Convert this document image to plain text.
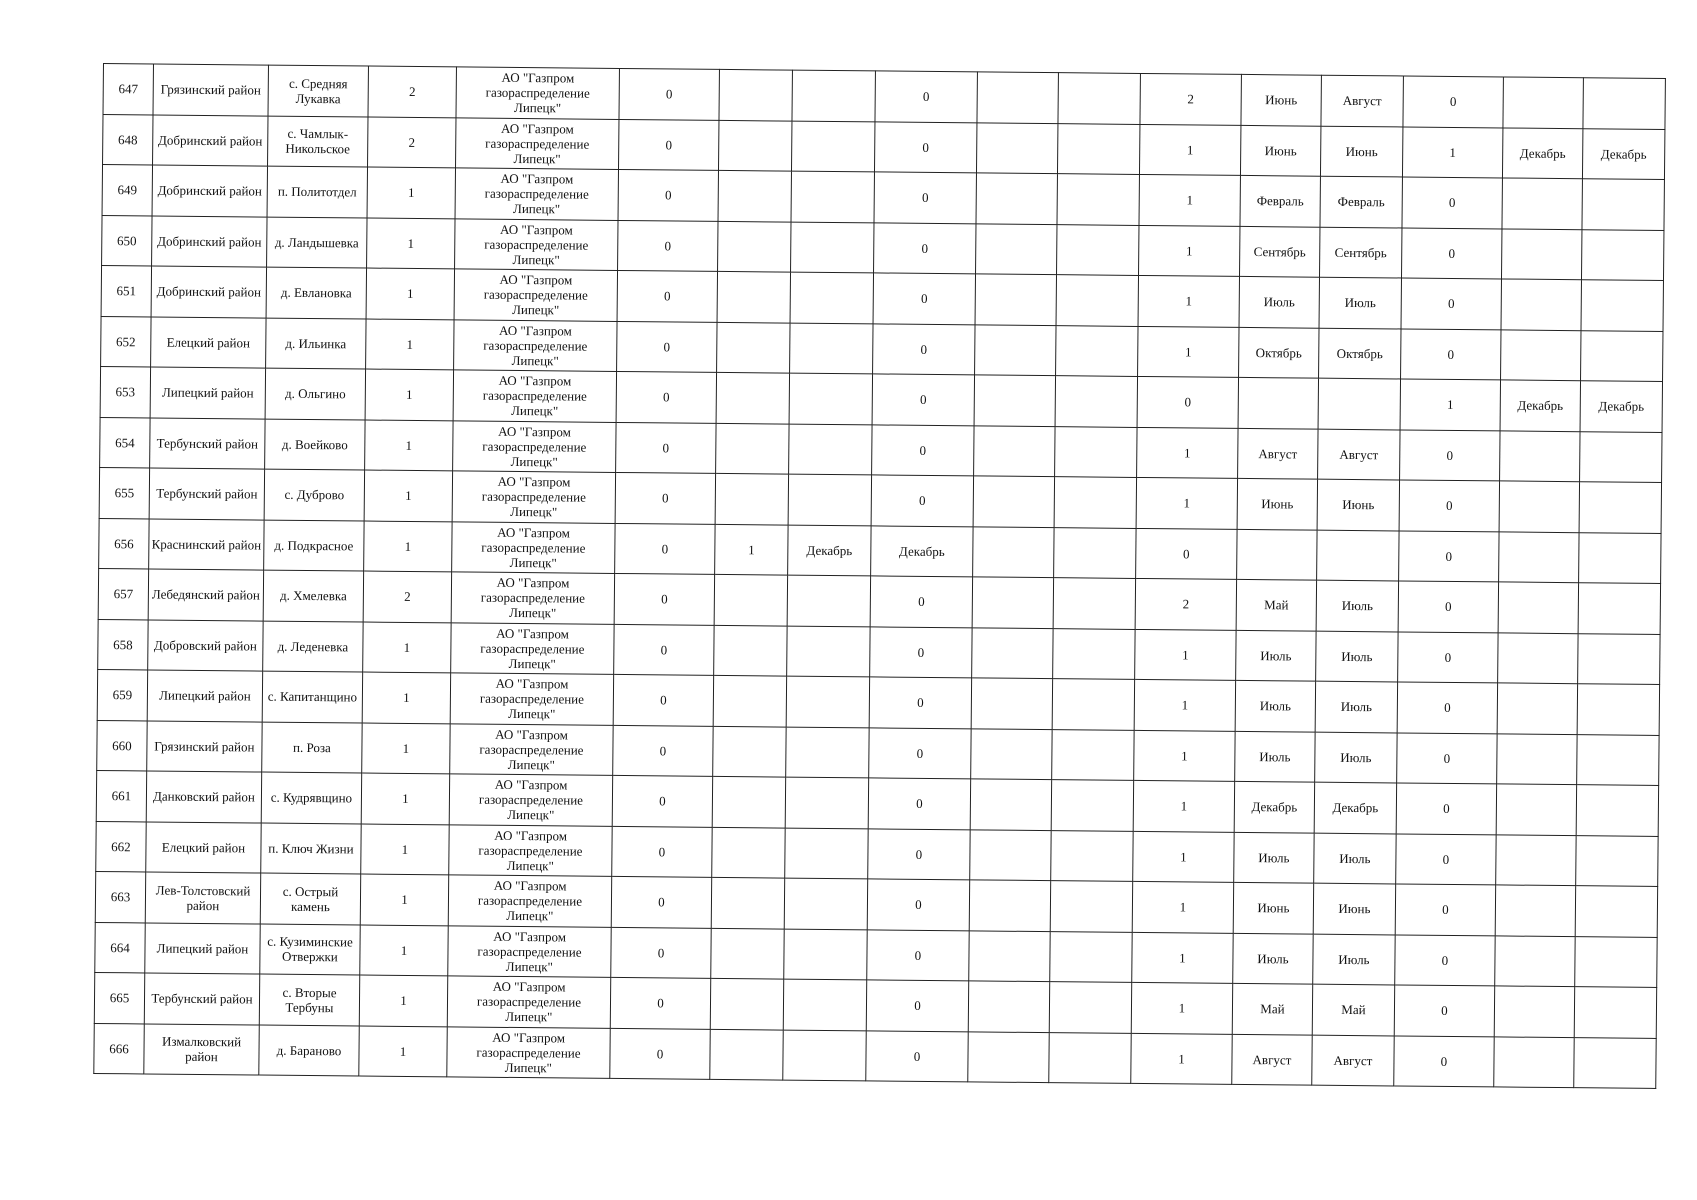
647	Грязинский район	с. Средняя Лукавка	2	АО "Газпром
газораспределение
Липецк"	0			0			2	Июнь	Август	0		
648	Добринский район	с. Чамлык-Никольское	2	АО "Газпром
газораспределение
Липецк"	0			0			1	Июнь	Июнь	1	Декабрь	Декабрь
649	Добринский район	п. Политотдел	1	АО "Газпром
газораспределение
Липецк"	0			0			1	Февраль	Февраль	0		
650	Добринский район	д. Ландышевка	1	АО "Газпром
газораспределение
Липецк"	0			0			1	Сентябрь	Сентябрь	0		
651	Добринский район	д. Евлановка	1	АО "Газпром
газораспределение
Липецк"	0			0			1	Июль	Июль	0		
652	Елецкий район	д. Ильинка	1	АО "Газпром
газораспределение
Липецк"	0			0			1	Октябрь	Октябрь	0		
653	Липецкий район	д. Ольгино	1	АО "Газпром
газораспределение
Липецк"	0			0			0			1	Декабрь	Декабрь
654	Тербунский район	д. Воейково	1	АО "Газпром
газораспределение
Липецк"	0			0			1	Август	Август	0		
655	Тербунский район	с. Дуброво	1	АО "Газпром
газораспределение
Липецк"	0			0			1	Июнь	Июнь	0		
656	Краснинский район	д. Подкрасное	1	АО "Газпром
газораспределение
Липецк"	0	1	Декабрь	Декабрь			0			0		
657	Лебедянский район	д. Хмелевка	2	АО "Газпром
газораспределение
Липецк"	0			0			2	Май	Июль	0		
658	Добровский район	д. Леденевка	1	АО "Газпром
газораспределение
Липецк"	0			0			1	Июль	Июль	0		
659	Липецкий район	с. Капитанщино	1	АО "Газпром
газораспределение
Липецк"	0			0			1	Июль	Июль	0		
660	Грязинский район	п. Роза	1	АО "Газпром
газораспределение
Липецк"	0			0			1	Июль	Июль	0		
661	Данковский район	с. Кудрявщино	1	АО "Газпром
газораспределение
Липецк"	0			0			1	Декабрь	Декабрь	0		
662	Елецкий район	п. Ключ Жизни	1	АО "Газпром
газораспределение
Липецк"	0			0			1	Июль	Июль	0		
663	Лев-Толстовский район	с. Острый камень	1	АО "Газпром
газораспределение
Липецк"	0			0			1	Июнь	Июнь	0		
664	Липецкий район	с. Кузиминские Отвержки	1	АО "Газпром
газораспределение
Липецк"	0			0			1	Июль	Июль	0		
665	Тербунский район	с. Вторые Тербуны	1	АО "Газпром
газораспределение
Липецк"	0			0			1	Май	Май	0		
666	Измалковский район	д. Бараново	1	АО "Газпром
газораспределение
Липецк"	0			0			1	Август	Август	0		
